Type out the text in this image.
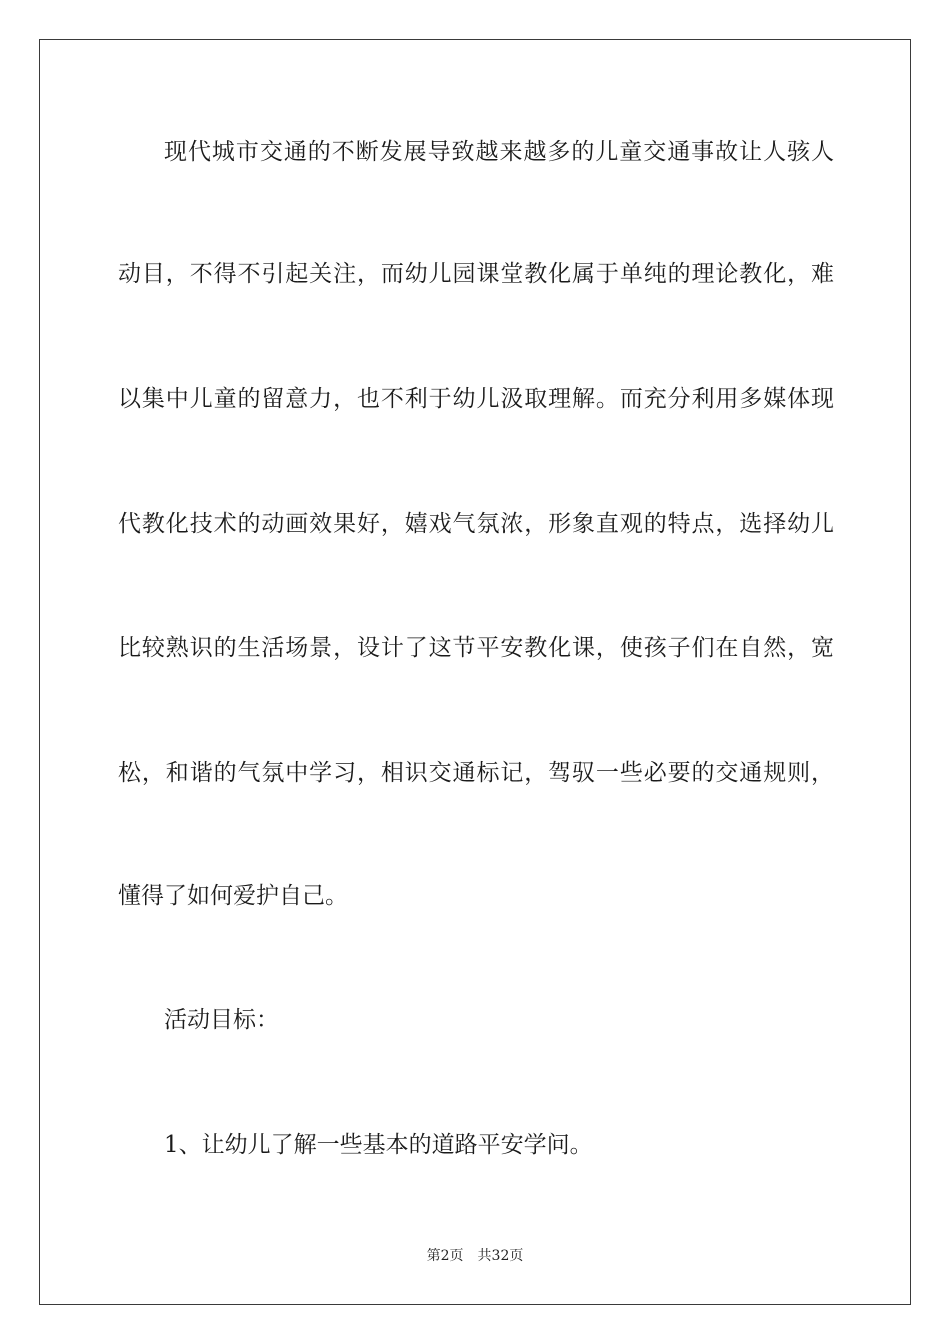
现代城市交通的不断发展导致越来越多的儿童交通事故让人骇人
动目，不得不引起关注，而幼儿园课堂教化属于单纯的理论教化，难
以集中儿童的留意力，也不利于幼儿汲取理解。而充分利用多媒体现
代教化技术的动画效果好，嬉戏气氛浓，形象直观的特点，选择幼儿
比较熟识的生活场景，设计了这节平安教化课，使孩子们在自然，宽
松，和谐的气氛中学习，相识交通标记，驾驭一些必要的交通规则，
懂得了如何爱护自己。
活动目标：
1、让幼儿了解一些基本的道路平安学问。
第2页 共32页
